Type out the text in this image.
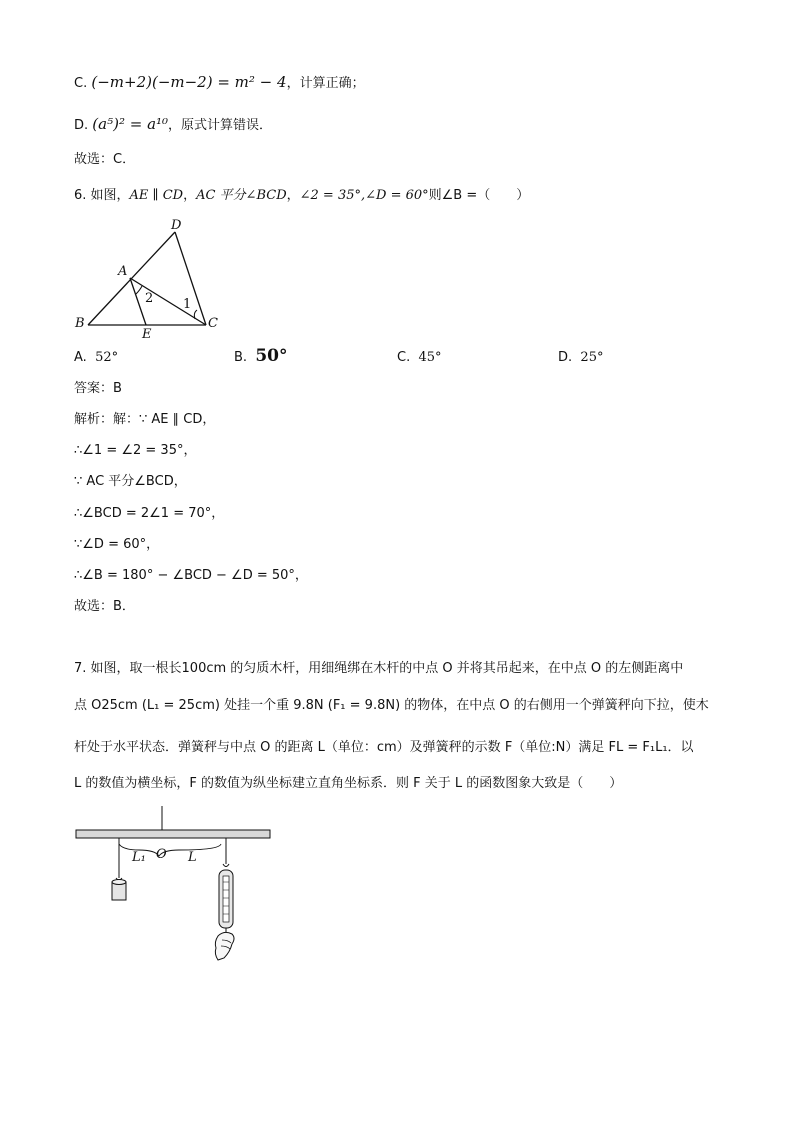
C. (−m+2)(−m−2) = m² − 4，计算正确；
D. (a⁵)² = a¹⁰，原式计算错误．
故选：C．
6. 如图，AE ∥ CD，AC 平分∠BCD，∠2 = 35°,∠D = 60°则∠B =（　　）
D
A
B
E
C
1
2
A. 52°	B. 50°	C. 45°	D. 25°
答案：B
解析：解：∵ AE ∥ CD，
∴∠1 = ∠2 = 35°，
∵ AC 平分∠BCD，
∴∠BCD = 2∠1 = 70°，
∵∠D = 60°，
∴∠B = 180° − ∠BCD − ∠D = 50°，
故选：B．
7. 如图，取一根长100cm 的匀质木杆，用细绳绑在木杆的中点 O 并将其吊起来，在中点 O 的左侧距离中
点 O25cm (L₁ = 25cm) 处挂一个重 9.8N (F₁ = 9.8N) 的物体，在中点 O 的右侧用一个弹簧秤向下拉，使木
杆处于水平状态．弹簧秤与中点 O 的距离 L（单位：cm）及弹簧秤的示数 F（单位:N）满足 FL = F₁L₁．以
L 的数值为横坐标，F 的数值为纵坐标建立直角坐标系．则 F 关于 L 的函数图象大致是（　　）
L₁ O L
